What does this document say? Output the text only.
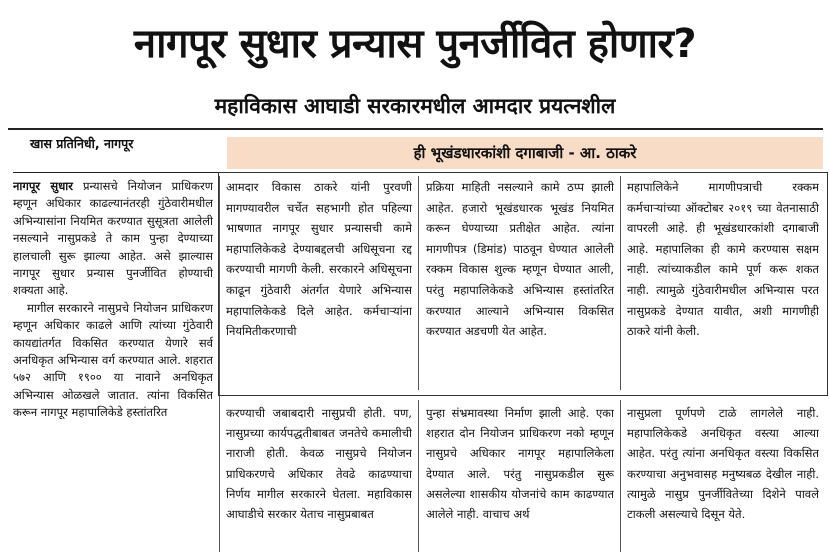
नागपूर सुधार प्रन्यास पुनर्जीवित होणार?
महाविकास आघाडी सरकारमधील आमदार प्रयत्नशील
खास प्रतिनिधी, नागपूर
ही भूखंडधारकांशी दगाबाजी - आ. ठाकरे

नागपूर सुधार प्रन्यासचे नियोजन प्राधिकरण म्हणून अधिकार काढल्यानंतरही गुंठेवारीमधील अभिन्यासांना नियमित करण्यात सुसूत्रता आलेली नसल्याने नासुप्रकडे ते काम पुन्हा देण्याच्या हालचाली सुरू झाल्या आहेत. असे झाल्यास नागपूर सुधार प्रन्यास पुनर्जीवित होण्याची शक्यता आहे.

मागील सरकारने नासुप्रचे नियोजन प्राधिकरण म्हणून अधिकार काढले आणि त्यांच्या गुंठेवारी कायद्यांतर्गत विकसित करण्यात येणारे सर्व अनधिकृत अभिन्यास वर्ग करण्यात आले. शहरात ५७२ आणि १९०० या नावाने अनधिकृत अभिन्यास ओळखले जातात. त्यांना विकसित करून नागपूर महापालिकेडे हस्तांतरित

आमदार विकास ठाकरे यांनी पुरवणी मागण्यावरील चर्चेत सहभागी होत पहिल्या भाषणात नागपूर सुधार प्रन्यासची कामे महापालिकेकडे देण्याबद्दलची अधिसूचना रद्द करण्याची मागणी केली. सरकारने अधिसूचना काढून गुंठेवारी अंतर्गत येणारे अभिन्यास महापालिकेकडे दिले आहेत. कर्मचाऱ्यांना नियमितीकरणाची
प्रक्रिया माहिती नसल्याने कामे ठप्प झाली आहेत. हजारो भूखंडधारक भूखंड नियमित करून घेण्याच्या प्रतीक्षेत आहेत. त्यांना मागणीपत्र (डिमांड) पाठवून घेण्यात आलेली रक्कम विकास शुल्क म्हणून घेण्यात आली, परंतु महापालिकेकडे अभिन्यास हस्तांतरित करण्यात आल्याने अभिन्यास विकसित करण्यात अडचणी येत आहेत.
महापालिकेने मागणीपत्राची रक्कम कर्मचाऱ्यांच्या ऑक्टोबर २०१९ च्या वेतनासाठी वापरली आहे. ही भूखंडधारकांशी दगाबाजी आहे. महापालिका ही कामे करण्यास सक्षम नाही. त्यांच्याकडील कामे पूर्ण करू शकत नाही. त्यामुळे गुंठेवारीमधील अभिन्यास परत नासुप्रकडे देण्यात यावीत, अशी मागणीही ठाकरे यांनी केली.
करण्याची जबाबदारी नासुप्रची होती. पण, नासुप्रच्या कार्यपद्धतीबाबत जनतेचे कमालीची नाराजी होती. केवळ नासुप्रचे नियोजन प्राधिकरणचे अधिकार तेवढे काढण्याचा निर्णय मागील सरकारने घेतला. महाविकास आघाडीचे सरकार येताच नासुप्रबाबत
पुन्हा संभ्रमावस्था निर्माण झाली आहे. एका शहरात दोन नियोजन प्राधिकरण नको म्हणून नासुप्रचे अधिकार नागपूर महापालिकेला देण्यात आले. परंतु नासुप्रकडील सुरू असलेल्या शासकीय योजनांचे काम काढण्यात आलेले नाही. वाचाच अर्थ
नासुप्रला पूर्णपणे टाळे लागलेले नाही. महापालिकेकडे अनधिकृत वस्त्या आल्या आहेत. परंतु त्यांना अनधिकृत वस्त्या विकसित करण्याचा अनुभवासह मनुष्यबळ देखील नाही. त्यामुळे नासुप्र पुनर्जीवितेच्या दिशेने पावले टाकली असल्याचे दिसून येते.
